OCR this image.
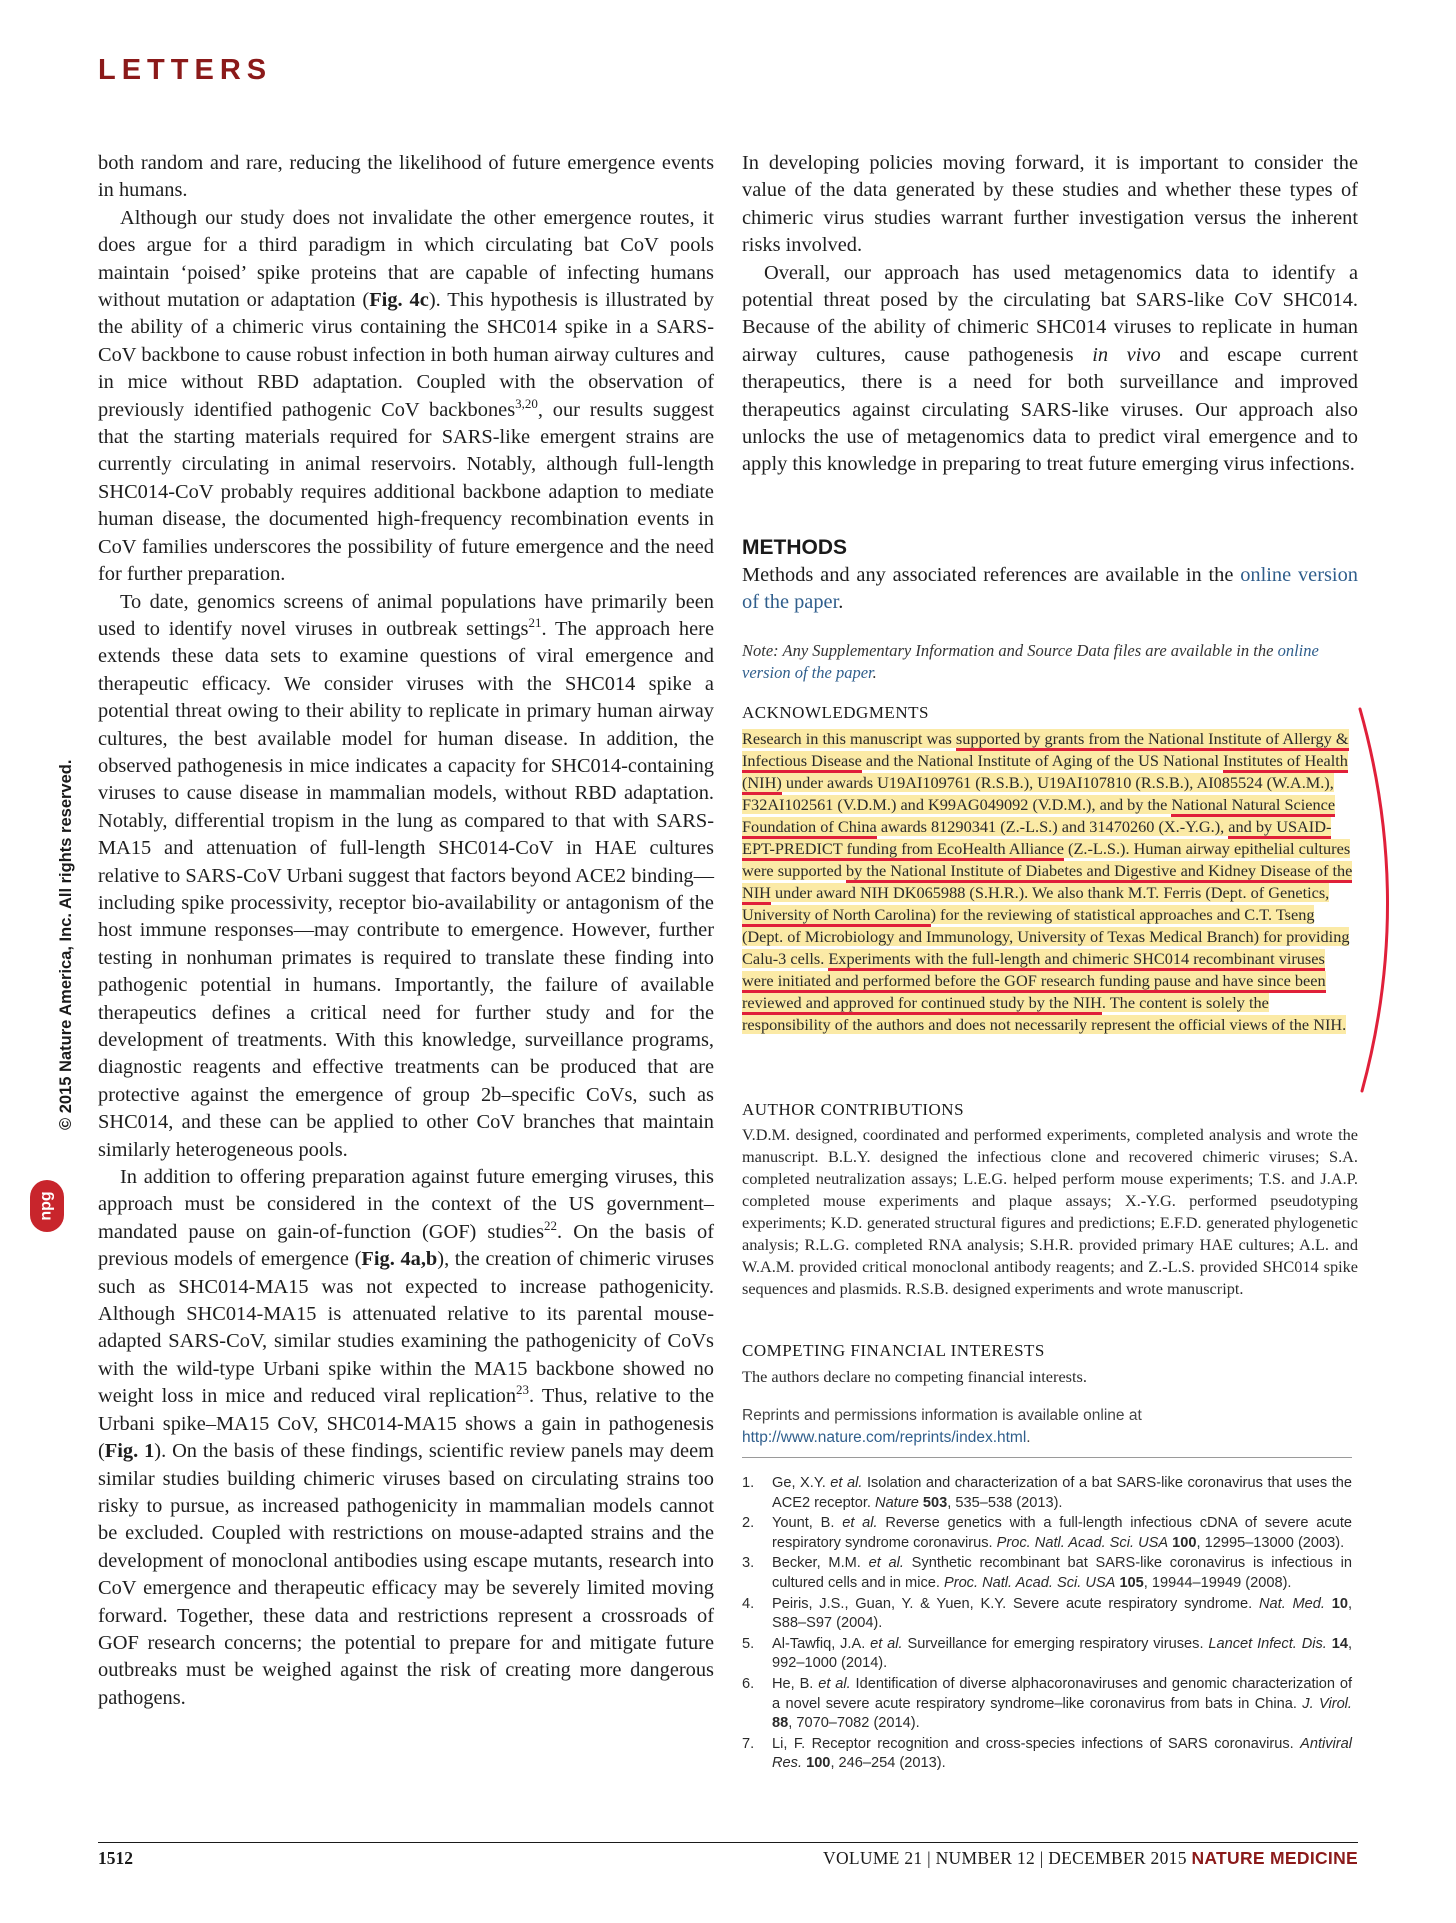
LETTERS
© 2015 Nature America, Inc. All rights reserved.
npg

both random and rare, reducing the likelihood of future emergence events in humans.

Although our study does not invalidate the other emergence routes, it does argue for a third paradigm in which circulating bat CoV pools maintain ‘poised’ spike proteins that are capable of infecting humans without mutation or adaptation (Fig. 4c). This hypothesis is illustrated by the ability of a chimeric virus containing the SHC014 spike in a SARS-CoV backbone to cause robust infection in both human airway cultures and in mice without RBD adaptation. Coupled with the observation of previously identified pathogenic CoV backbones$^{3,20}$, our results suggest that the starting materials required for SARS-like emergent strains are currently circulating in animal reservoirs. Notably, although full-length SHC014-CoV probably requires additional backbone adaption to mediate human disease, the documented high-frequency recombination events in CoV families underscores the possibility of future emergence and the need for further preparation.

To date, genomics screens of animal populations have primarily been used to identify novel viruses in outbreak settings$^{21}$. The approach here extends these data sets to examine questions of viral emergence and therapeutic efficacy. We consider viruses with the SHC014 spike a potential threat owing to their ability to replicate in primary human airway cultures, the best available model for human disease. In addition, the observed pathogenesis in mice indicates a capacity for SHC014-containing viruses to cause disease in mammalian models, without RBD adaptation. Notably, differential tropism in the lung as compared to that with SARS-MA15 and attenuation of full-length SHC014-CoV in HAE cultures relative to SARS-CoV Urbani suggest that factors beyond ACE2 binding—including spike processivity, receptor bio-availability or antagonism of the host immune responses—may contribute to emergence. However, further testing in nonhuman primates is required to translate these finding into pathogenic potential in humans. Importantly, the failure of available therapeutics defines a critical need for further study and for the development of treatments. With this knowledge, surveillance programs, diagnostic reagents and effective treatments can be produced that are protective against the emergence of group 2b–specific CoVs, such as SHC014, and these can be applied to other CoV branches that maintain similarly heterogeneous pools.

In addition to offering preparation against future emerging viruses, this approach must be considered in the context of the US government–mandated pause on gain-of-function (GOF) studies$^{22}$. On the basis of previous models of emergence (Fig. 4a,b), the creation of chimeric viruses such as SHC014-MA15 was not expected to increase pathogenicity. Although SHC014-MA15 is attenuated relative to its parental mouse-adapted SARS-CoV, similar studies examining the pathogenicity of CoVs with the wild-type Urbani spike within the MA15 backbone showed no weight loss in mice and reduced viral replication$^{23}$. Thus, relative to the Urbani spike–MA15 CoV, SHC014-MA15 shows a gain in pathogenesis (Fig. 1). On the basis of these findings, scientific review panels may deem similar studies building chimeric viruses based on circulating strains too risky to pursue, as increased pathogenicity in mammalian models cannot be excluded. Coupled with restrictions on mouse-adapted strains and the development of monoclonal antibodies using escape mutants, research into CoV emergence and therapeutic efficacy may be severely limited moving forward. Together, these data and restrictions represent a crossroads of GOF research concerns; the potential to prepare for and mitigate future outbreaks must be weighed against the risk of creating more dangerous pathogens.

In developing policies moving forward, it is important to consider the value of the data generated by these studies and whether these types of chimeric virus studies warrant further investigation versus the inherent risks involved.

Overall, our approach has used metagenomics data to identify a potential threat posed by the circulating bat SARS-like CoV SHC014. Because of the ability of chimeric SHC014 viruses to replicate in human airway cultures, cause pathogenesis in vivo and escape current therapeutics, there is a need for both surveillance and improved therapeutics against circulating SARS-like viruses. Our approach also unlocks the use of metagenomics data to predict viral emergence and to apply this knowledge in preparing to treat future emerging virus infections.

METHODS
Methods and any associated references are available in the online version of the paper.
Note: Any Supplementary Information and Source Data files are available in the online version of the paper.
ACKNOWLEDGMENTS
Research in this manuscript was supported by grants from the National Institute of Allergy & Infectious Disease and the National Institute of Aging of the US National Institutes of Health (NIH) under awards U19AI109761 (R.S.B.), U19AI107810 (R.S.B.), AI085524 (W.A.M.), F32AI102561 (V.D.M.) and K99AG049092 (V.D.M.), and by the National Natural Science Foundation of China awards 81290341 (Z.-L.S.) and 31470260 (X.-Y.G.), and by USAID-EPT-PREDICT funding from EcoHealth Alliance (Z.-L.S.). Human airway epithelial cultures were supported by the National Institute of Diabetes and Digestive and Kidney Disease of the NIH under award NIH DK065988 (S.H.R.). We also thank M.T. Ferris (Dept. of Genetics, University of North Carolina) for the reviewing of statistical approaches and C.T. Tseng (Dept. of Microbiology and Immunology, University of Texas Medical Branch) for providing Calu-3 cells. Experiments with the full-length and chimeric SHC014 recombinant viruses were initiated and performed before the GOF research funding pause and have since been reviewed and approved for continued study by the NIH. The content is solely the responsibility of the authors and does not necessarily represent the official views of the NIH.
AUTHOR CONTRIBUTIONS
V.D.M. designed, coordinated and performed experiments, completed analysis and wrote the manuscript. B.L.Y. designed the infectious clone and recovered chimeric viruses; S.A. completed neutralization assays; L.E.G. helped perform mouse experiments; T.S. and J.A.P. completed mouse experiments and plaque assays; X.-Y.G. performed pseudotyping experiments; K.D. generated structural figures and predictions; E.F.D. generated phylogenetic analysis; R.L.G. completed RNA analysis; S.H.R. provided primary HAE cultures; A.L. and W.A.M. provided critical monoclonal antibody reagents; and Z.-L.S. provided SHC014 spike sequences and plasmids. R.S.B. designed experiments and wrote manuscript.
COMPETING FINANCIAL INTERESTS
The authors declare no competing financial interests.
Reprints and permissions information is available online at http://www.nature.com/reprints/index.html.
1. Ge, X.Y. et al. Isolation and characterization of a bat SARS-like coronavirus that uses the ACE2 receptor. Nature 503, 535–538 (2013).
2. Yount, B. et al. Reverse genetics with a full-length infectious cDNA of severe acute respiratory syndrome coronavirus. Proc. Natl. Acad. Sci. USA 100, 12995–13000 (2003).
3. Becker, M.M. et al. Synthetic recombinant bat SARS-like coronavirus is infectious in cultured cells and in mice. Proc. Natl. Acad. Sci. USA 105, 19944–19949 (2008).
4. Peiris, J.S., Guan, Y. & Yuen, K.Y. Severe acute respiratory syndrome. Nat. Med. 10, S88–S97 (2004).
5. Al-Tawfiq, J.A. et al. Surveillance for emerging respiratory viruses. Lancet Infect. Dis. 14, 992–1000 (2014).
6. He, B. et al. Identification of diverse alphacoronaviruses and genomic characterization of a novel severe acute respiratory syndrome–like coronavirus from bats in China. J. Virol. 88, 7070–7082 (2014).
7. Li, F. Receptor recognition and cross-species infections of SARS coronavirus. Antiviral Res. 100, 246–254 (2013).
1512	VOLUME 21 | NUMBER 12 | DECEMBER 2015 NATURE MEDICINE
